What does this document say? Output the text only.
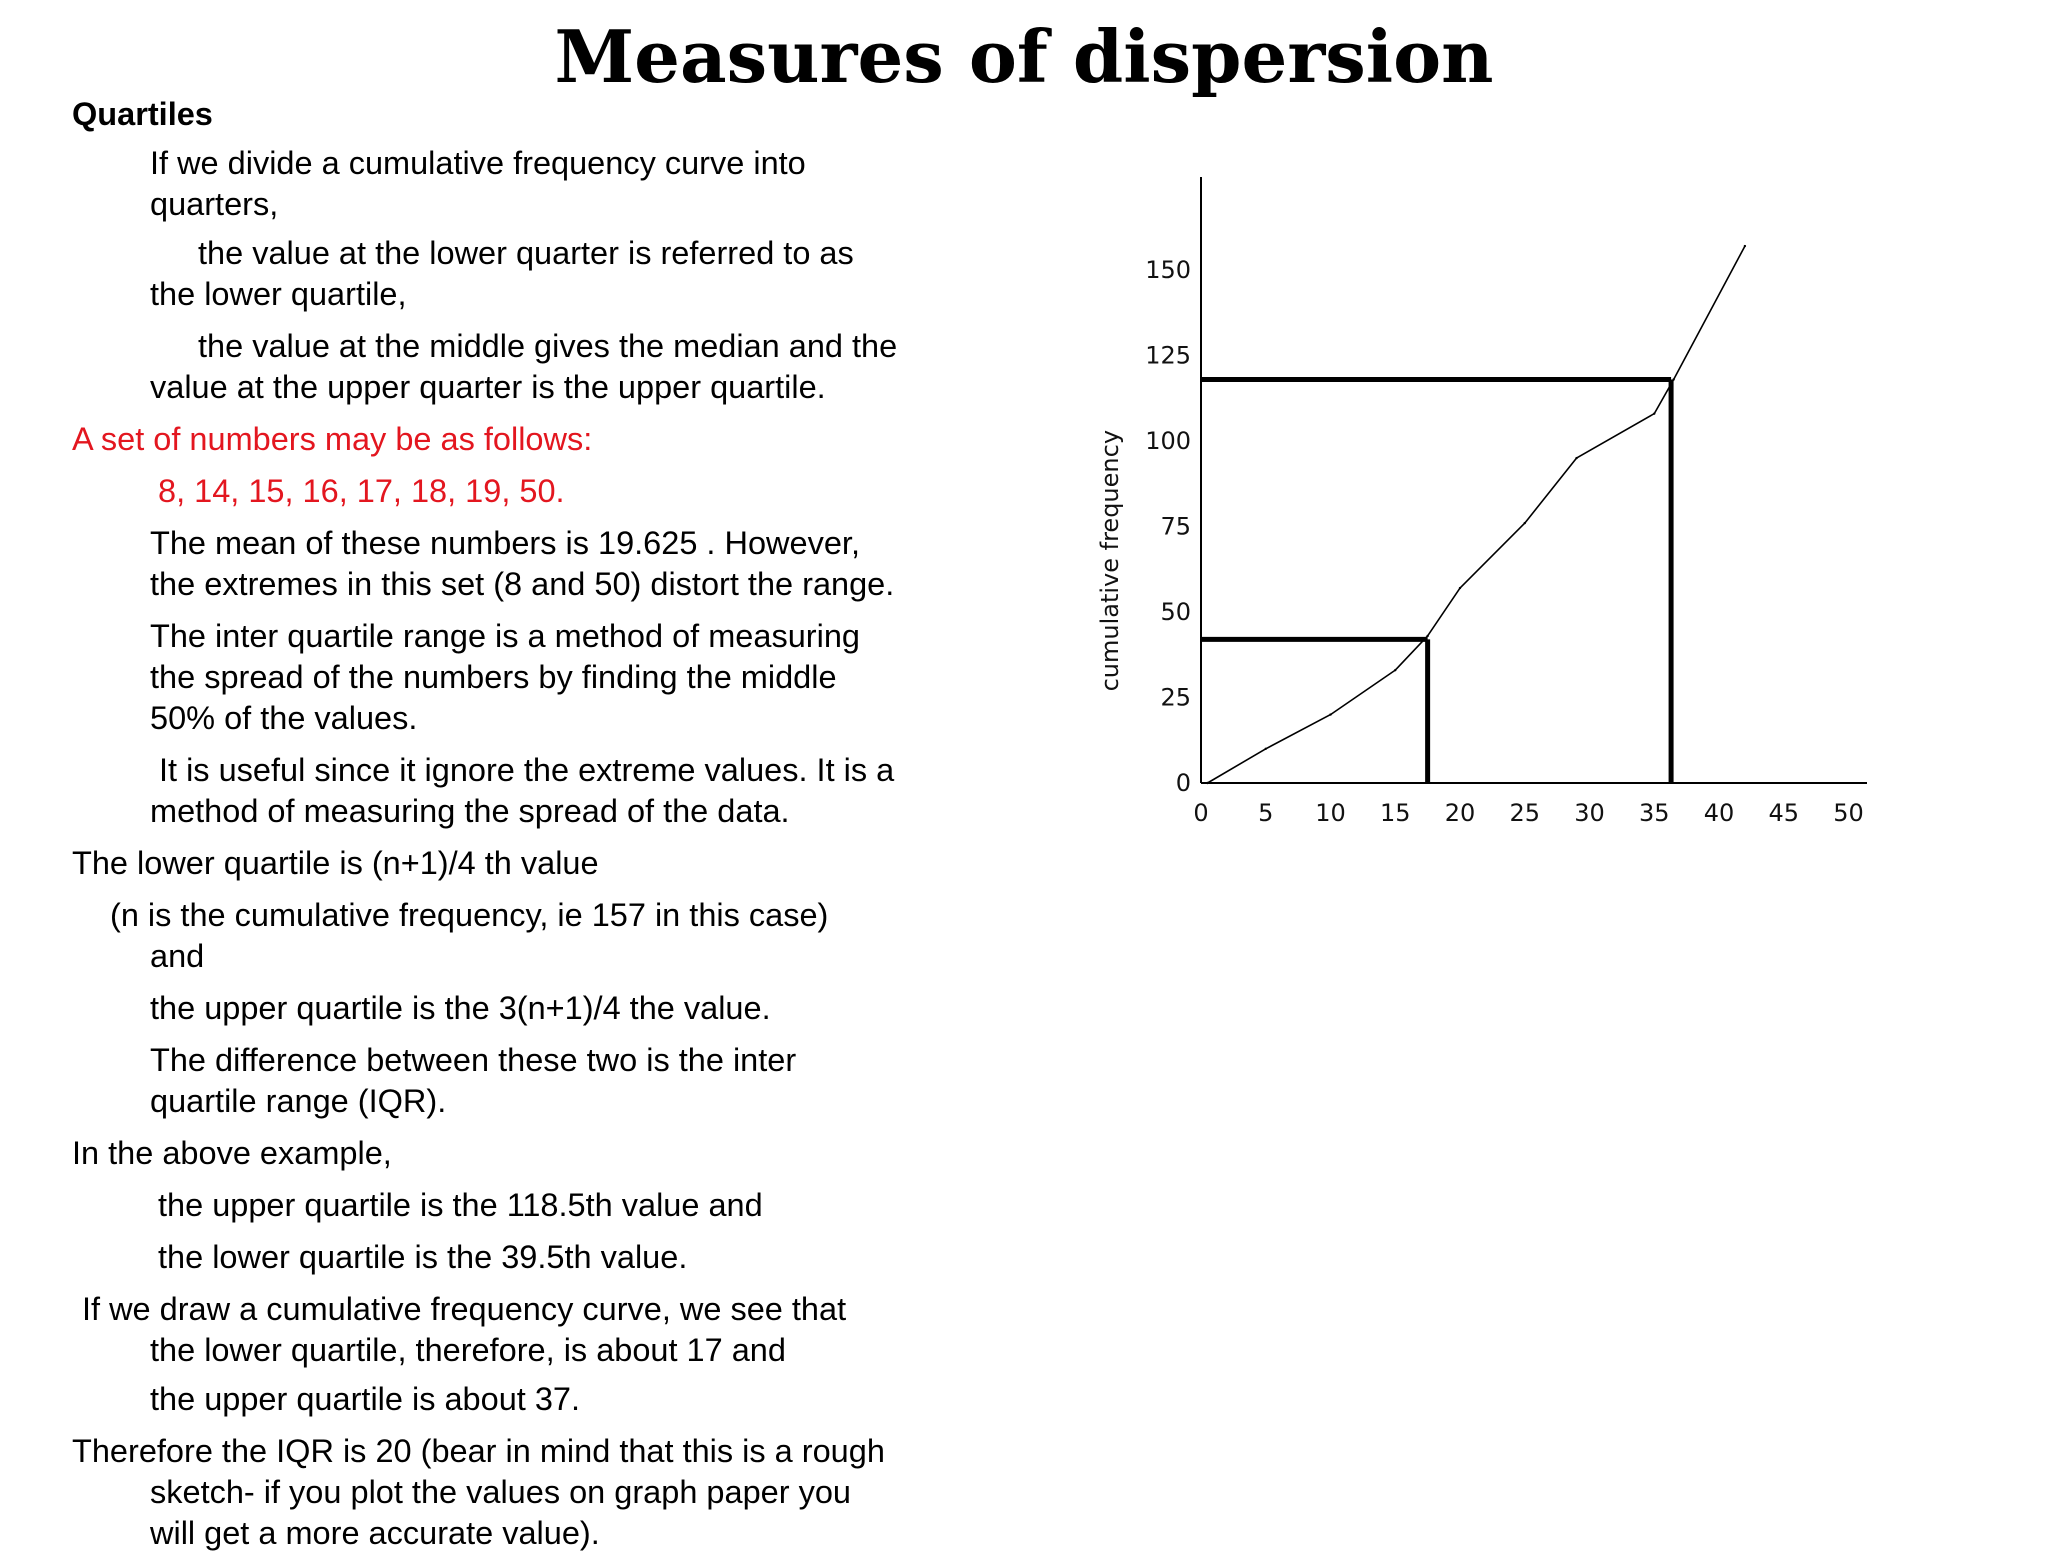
Measures of dispersion
Quartiles
If we divide a cumulative frequency curve into
quarters,
the value at the lower quarter is referred to as
the lower quartile,
the value at the middle gives the median and the
value at the upper quarter is the upper quartile.
A set of numbers may be as follows:
8, 14, 15, 16, 17, 18, 19, 50.
The mean of these numbers is 19.625 . However,
the extremes in this set (8 and 50) distort the range.
The inter quartile range is a method of measuring
the spread of the numbers by finding the middle
50% of the values.
It is useful since it ignore the extreme values. It is a
method of measuring the spread of the data.
The lower quartile is (n+1)/4 th value
(n is the cumulative frequency, ie 157 in this case)
and
the upper quartile is the 3(n+1)/4 the value.
The difference between these two is the inter
quartile range (IQR).
In the above example,
the upper quartile is the 118.5th value and
the lower quartile is the 39.5th value.
If we draw a cumulative frequency curve, we see that
the lower quartile, therefore, is about 17 and
the upper quartile is about 37.
Therefore the IQR is 20 (bear in mind that this is a rough
sketch- if you plot the values on graph paper you
will get a more accurate value).
0 5 10 15 20 25 30 35 40 45 50
0
25
50
75
100
125
150
cumulative frequency
